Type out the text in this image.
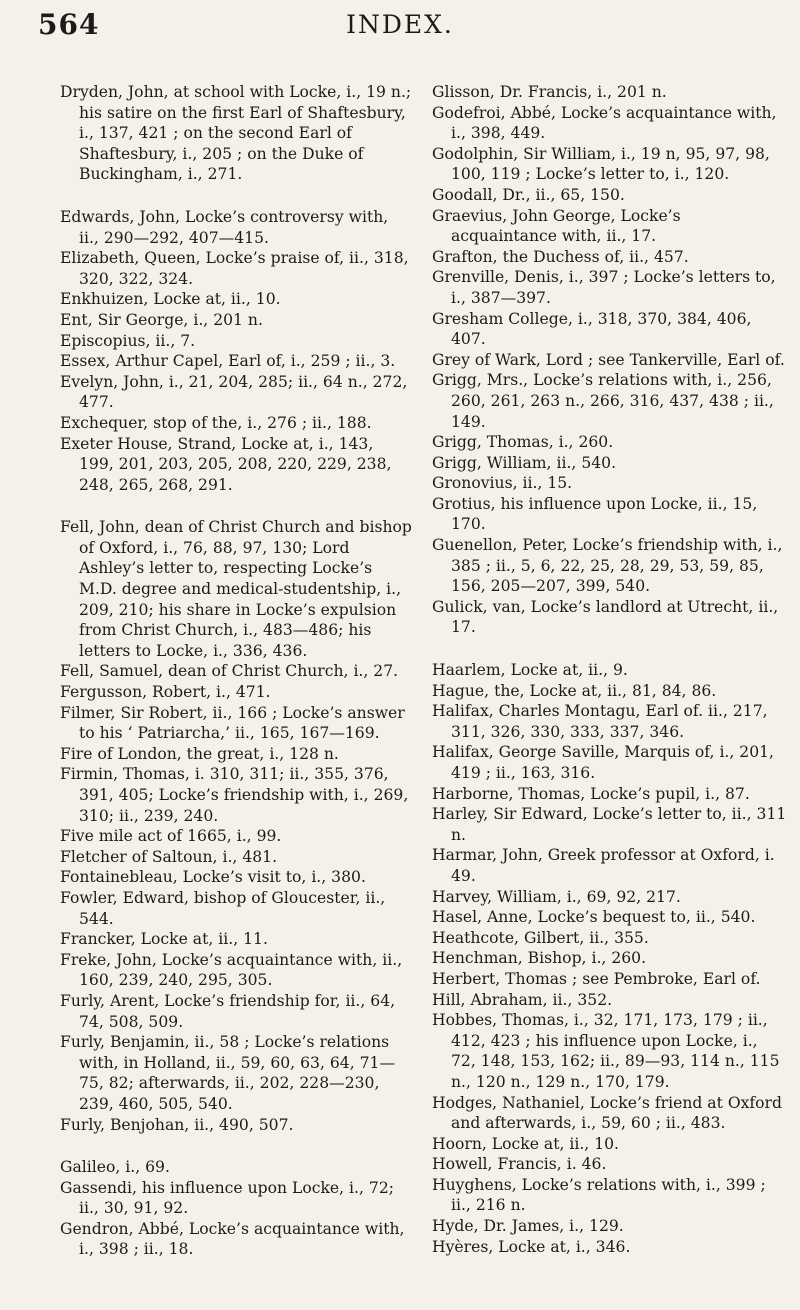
564	INDEX.

Dryden, John, at school with Locke, i., 19 n.; his satire on the first Earl of Shaftesbury, i., 137, 421 ; on the second Earl of Shaftesbury, i., 205 ; on the Duke of Buckingham, i., 271.

Edwards, John, Locke’s controversy with, ii., 290—292, 407—415.

Elizabeth, Queen, Locke’s praise of, ii., 318, 320, 322, 324.

Enkhuizen, Locke at, ii., 10.

Ent, Sir George, i., 201 n.

Episcopius, ii., 7.

Essex, Arthur Capel, Earl of, i., 259 ; ii., 3.

Evelyn, John, i., 21, 204, 285; ii., 64 n., 272, 477.

Exchequer, stop of the, i., 276 ; ii., 188.

Exeter House, Strand, Locke at, i., 143, 199, 201, 203, 205, 208, 220, 229, 238, 248, 265, 268, 291.

Fell, John, dean of Christ Church and bishop of Oxford, i., 76, 88, 97, 130; Lord Ashley’s letter to, respecting Locke’s M.D. degree and medical-studentship, i., 209, 210; his share in Locke’s expulsion from Christ Church, i., 483—486; his letters to Locke, i., 336, 436.

Fell, Samuel, dean of Christ Church, i., 27.

Fergusson, Robert, i., 471.

Filmer, Sir Robert, ii., 166 ; Locke’s answer to his ‘ Patriarcha,’ ii., 165, 167—169.

Fire of London, the great, i., 128 n.

Firmin, Thomas, i. 310, 311; ii., 355, 376, 391, 405; Locke’s friendship with, i., 269, 310; ii., 239, 240.

Five mile act of 1665, i., 99.

Fletcher of Saltoun, i., 481.

Fontainebleau, Locke’s visit to, i., 380.

Fowler, Edward, bishop of Gloucester, ii., 544.

Francker, Locke at, ii., 11.

Freke, John, Locke’s acquaintance with, ii., 160, 239, 240, 295, 305.

Furly, Arent, Locke’s friendship for, ii., 64, 74, 508, 509.

Furly, Benjamin, ii., 58 ; Locke’s relations with, in Holland, ii., 59, 60, 63, 64, 71—75, 82; afterwards, ii., 202, 228—230, 239, 460, 505, 540.

Furly, Benjohan, ii., 490, 507.

Galileo, i., 69.

Gassendi, his influence upon Locke, i., 72; ii., 30, 91, 92.

Gendron, Abbé, Locke’s acquaintance with, i., 398 ; ii., 18.

Glisson, Dr. Francis, i., 201 n.

Godefroi, Abbé, Locke’s acquaintance with, i., 398, 449.

Godolphin, Sir William, i., 19 n, 95, 97, 98, 100, 119 ; Locke’s letter to, i., 120.

Goodall, Dr., ii., 65, 150.

Graevius, John George, Locke’s acquaintance with, ii., 17.

Grafton, the Duchess of, ii., 457.

Grenville, Denis, i., 397 ; Locke’s letters to, i., 387—397.

Gresham College, i., 318, 370, 384, 406, 407.

Grey of Wark, Lord ; see Tankerville, Earl of.

Grigg, Mrs., Locke’s relations with, i., 256, 260, 261, 263 n., 266, 316, 437, 438 ; ii., 149.

Grigg, Thomas, i., 260.

Grigg, William, ii., 540.

Gronovius, ii., 15.

Grotius, his influence upon Locke, ii., 15, 170.

Guenellon, Peter, Locke’s friendship with, i., 385 ; ii., 5, 6, 22, 25, 28, 29, 53, 59, 85, 156, 205—207, 399, 540.

Gulick, van, Locke’s landlord at Utrecht, ii., 17.

Haarlem, Locke at, ii., 9.

Hague, the, Locke at, ii., 81, 84, 86.

Halifax, Charles Montagu, Earl of. ii., 217, 311, 326, 330, 333, 337, 346.

Halifax, George Saville, Marquis of, i., 201, 419 ; ii., 163, 316.

Harborne, Thomas, Locke’s pupil, i., 87.

Harley, Sir Edward, Locke’s letter to, ii., 311 n.

Harmar, John, Greek professor at Oxford, i. 49.

Harvey, William, i., 69, 92, 217.

Hasel, Anne, Locke’s bequest to, ii., 540.

Heathcote, Gilbert, ii., 355.

Henchman, Bishop, i., 260.

Herbert, Thomas ; see Pembroke, Earl of.

Hill, Abraham, ii., 352.

Hobbes, Thomas, i., 32, 171, 173, 179 ; ii., 412, 423 ; his influence upon Locke, i., 72, 148, 153, 162; ii., 89—93, 114 n., 115 n., 120 n., 129 n., 170, 179.

Hodges, Nathaniel, Locke’s friend at Oxford and afterwards, i., 59, 60 ; ii., 483.

Hoorn, Locke at, ii., 10.

Howell, Francis, i. 46.

Huyghens, Locke’s relations with, i., 399 ; ii., 216 n.

Hyde, Dr. James, i., 129.

Hyères, Locke at, i., 346.
